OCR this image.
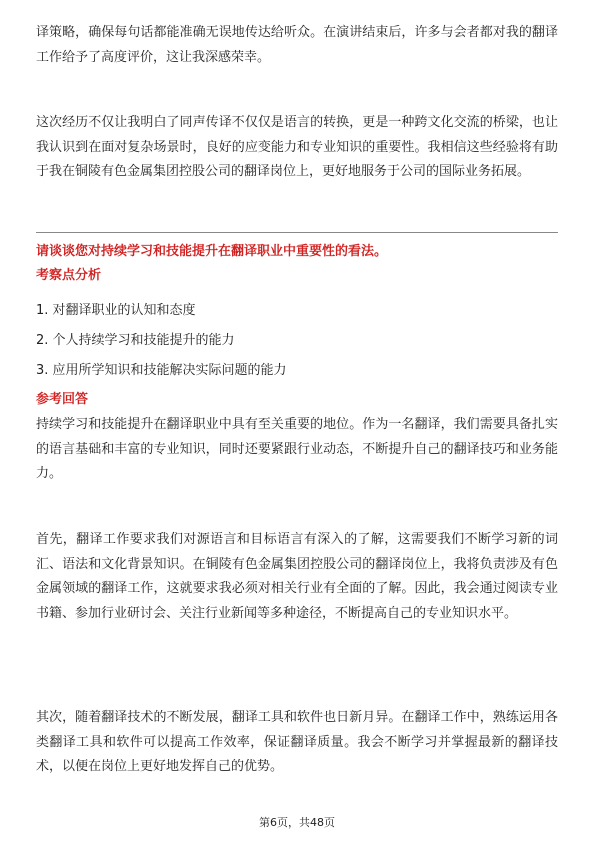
译策略，确保每句话都能准确无误地传达给听众。在演讲结束后，许多与会者都对我的翻译工作给予了高度评价，这让我深感荣幸。

这次经历不仅让我明白了同声传译不仅仅是语言的转换，更是一种跨文化交流的桥梁，也让我认识到在面对复杂场景时，良好的应变能力和专业知识的重要性。我相信这些经验将有助于我在铜陵有色金属集团控股公司的翻译岗位上，更好地服务于公司的国际业务拓展。

请谈谈您对持续学习和技能提升在翻译职业中重要性的看法。

考察点分析

1. 对翻译职业的认知和态度
2. 个人持续学习和技能提升的能力
3. 应用所学知识和技能解决实际问题的能力

参考回答

持续学习和技能提升在翻译职业中具有至关重要的地位。作为一名翻译，我们需要具备扎实的语言基础和丰富的专业知识，同时还要紧跟行业动态，不断提升自己的翻译技巧和业务能力。

首先，翻译工作要求我们对源语言和目标语言有深入的了解，这需要我们不断学习新的词汇、语法和文化背景知识。在铜陵有色金属集团控股公司的翻译岗位上，我将负责涉及有色金属领域的翻译工作，这就要求我必须对相关行业有全面的了解。因此，我会通过阅读专业书籍、参加行业研讨会、关注行业新闻等多种途径，不断提高自己的专业知识水平。

其次，随着翻译技术的不断发展，翻译工具和软件也日新月异。在翻译工作中，熟练运用各类翻译工具和软件可以提高工作效率，保证翻译质量。我会不断学习并掌握最新的翻译技术，以便在岗位上更好地发挥自己的优势。

第6页，共48页
